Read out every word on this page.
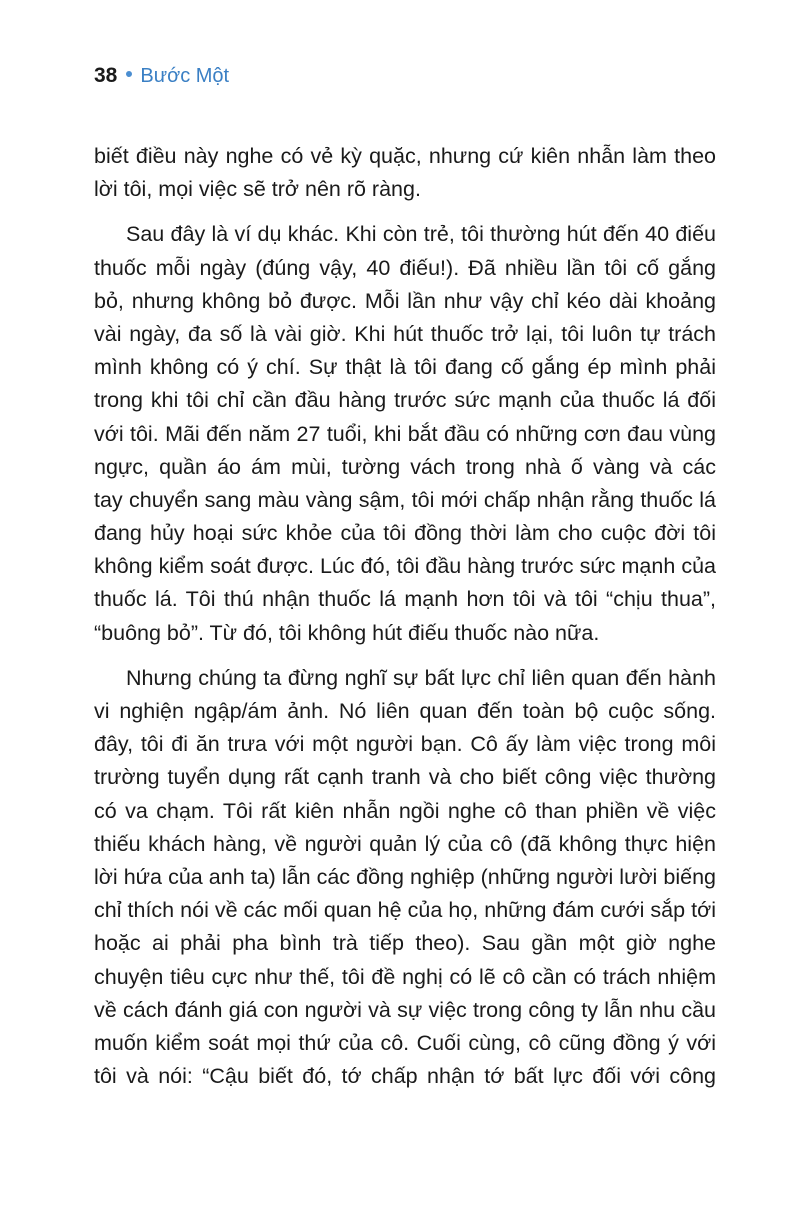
38 Bước Một

biết điều này nghe có vẻ kỳ quặc, nhưng cứ kiên nhẫn làm theo
lời tôi, mọi việc sẽ trở nên rõ ràng.

Sau đây là ví dụ khác. Khi còn trẻ, tôi thường hút đến 40 điếu
thuốc mỗi ngày (đúng vậy, 40 điếu!). Đã nhiều lần tôi cố gắng
bỏ, nhưng không bỏ được. Mỗi lần như vậy chỉ kéo dài khoảng
vài ngày, đa số là vài giờ. Khi hút thuốc trở lại, tôi luôn tự trách
mình không có ý chí. Sự thật là tôi đang cố gắng ép mình phải
trong khi tôi chỉ cần đầu hàng trước sức mạnh của thuốc lá đối
với tôi. Mãi đến năm 27 tuổi, khi bắt đầu có những cơn đau vùng
ngực, quần áo ám mùi, tường vách trong nhà ố vàng và các
tay chuyển sang màu vàng sậm, tôi mới chấp nhận rằng thuốc lá
đang hủy hoại sức khỏe của tôi đồng thời làm cho cuộc đời tôi
không kiểm soát được. Lúc đó, tôi đầu hàng trước sức mạnh của
thuốc lá. Tôi thú nhận thuốc lá mạnh hơn tôi và tôi “chịu thua”,
“buông bỏ”. Từ đó, tôi không hút điếu thuốc nào nữa.

Nhưng chúng ta đừng nghĩ sự bất lực chỉ liên quan đến hành
vi nghiện ngập/ám ảnh. Nó liên quan đến toàn bộ cuộc sống.
đây, tôi đi ăn trưa với một người bạn. Cô ấy làm việc trong môi
trường tuyển dụng rất cạnh tranh và cho biết công việc thường
có va chạm. Tôi rất kiên nhẫn ngồi nghe cô than phiền về việc
thiếu khách hàng, về người quản lý của cô (đã không thực hiện
lời hứa của anh ta) lẫn các đồng nghiệp (những người lười biếng
chỉ thích nói về các mối quan hệ của họ, những đám cưới sắp tới
hoặc ai phải pha bình trà tiếp theo). Sau gần một giờ nghe
chuyện tiêu cực như thế, tôi đề nghị có lẽ cô cần có trách nhiệm
về cách đánh giá con người và sự việc trong công ty lẫn nhu cầu
muốn kiểm soát mọi thứ của cô. Cuối cùng, cô cũng đồng ý với
tôi và nói: “Cậu biết đó, tớ chấp nhận tớ bất lực đối với công
